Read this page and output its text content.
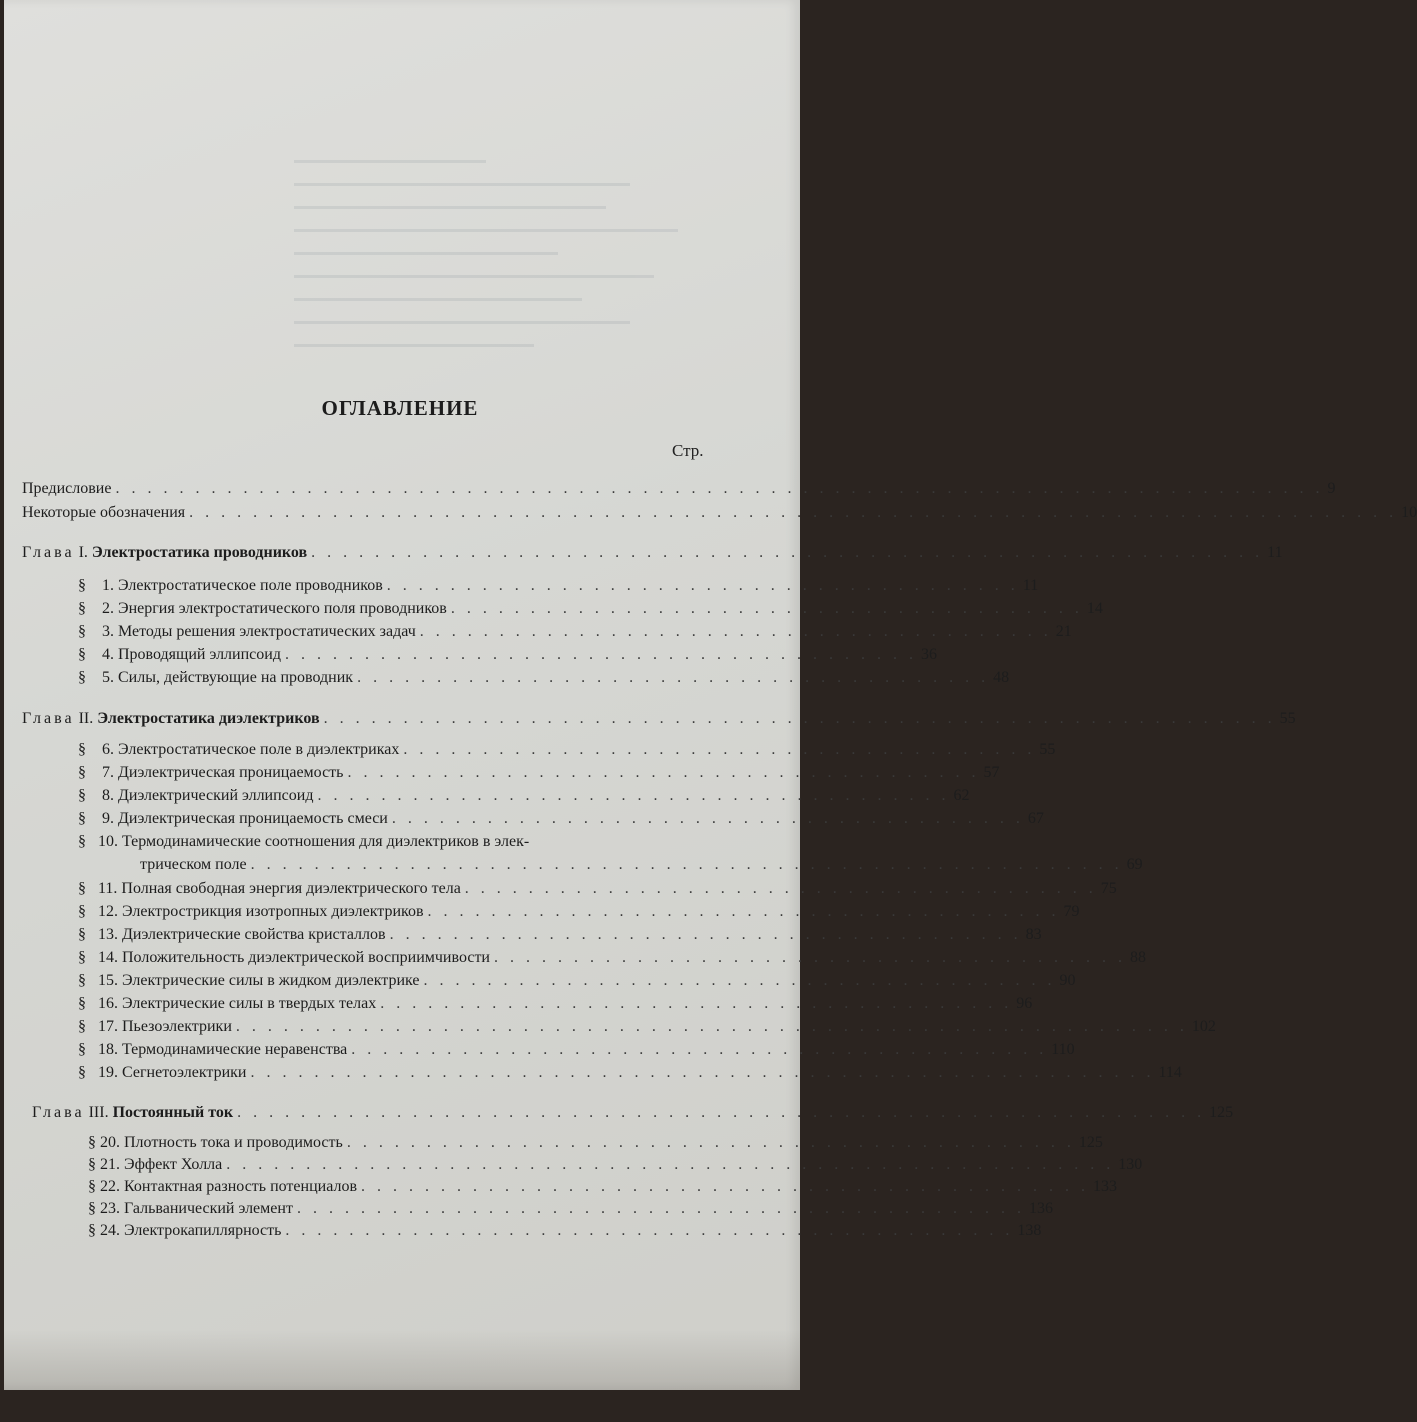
ОГЛАВЛЕНИЕ
Стр.
Предисловие . . . . . . . . . . . . . . . . . . . . . . . . . . . . . . . . . . . . . . . . . . . . . . . . . . . . . . . . . . . . . . . . . . . . . . . . . . . . 9
Некоторые обозначения . . . . . . . . . . . . . . . . . . . . . . . . . . . . . . . . . . . . . . . . . . . . . . . . . . . . . . . . . . . . . . . . . . . . . . . . . . . . 10
Глава I. Электростатика проводников . . . . . . . . . . . . . . . . . . . . . . . . . . . . . . . . . . . . . . . . . . . . . . . . . . . . . . . . . . . . 11
§ 1. Электростатическое поле проводников . . . . . . . . . . . . . . . . . . . . . . . . . . . . . . . . . . . . . . . . 11
§ 2. Энергия электростатического поля проводников . . . . . . . . . . . . . . . . . . . . . . . . . . . . . . . . . . . . . . . . 14
§ 3. Методы решения электростатических задач . . . . . . . . . . . . . . . . . . . . . . . . . . . . . . . . . . . . . . . . 21
§ 4. Проводящий эллипсоид . . . . . . . . . . . . . . . . . . . . . . . . . . . . . . . . . . . . . . . . 36
§ 5. Силы, действующие на проводник . . . . . . . . . . . . . . . . . . . . . . . . . . . . . . . . . . . . . . . . 48
Глава II. Электростатика диэлектриков . . . . . . . . . . . . . . . . . . . . . . . . . . . . . . . . . . . . . . . . . . . . . . . . . . . . . . . . . . . . 55
§ 6. Электростатическое поле в диэлектриках . . . . . . . . . . . . . . . . . . . . . . . . . . . . . . . . . . . . . . . . 55
§ 7. Диэлектрическая проницаемость . . . . . . . . . . . . . . . . . . . . . . . . . . . . . . . . . . . . . . . . 57
§ 8. Диэлектрический эллипсоид . . . . . . . . . . . . . . . . . . . . . . . . . . . . . . . . . . . . . . . . 62
§ 9. Диэлектрическая проницаемость смеси . . . . . . . . . . . . . . . . . . . . . . . . . . . . . . . . . . . . . . . . 67
§ 10. Термодинамические соотношения для диэлектриков в элек-
трическом поле . . . . . . . . . . . . . . . . . . . . . . . . . . . . . . . . . . . . . . . . . . . . . . . . . . . . . . . 69
§ 11. Полная свободная энергия диэлектрического тела . . . . . . . . . . . . . . . . . . . . . . . . . . . . . . . . . . . . . . . . 75
§ 12. Электрострикция изотропных диэлектриков . . . . . . . . . . . . . . . . . . . . . . . . . . . . . . . . . . . . . . . . 79
§ 13. Диэлектрические свойства кристаллов . . . . . . . . . . . . . . . . . . . . . . . . . . . . . . . . . . . . . . . . 83
§ 14. Положительность диэлектрической восприимчивости . . . . . . . . . . . . . . . . . . . . . . . . . . . . . . . . . . . . . . . . 88
§ 15. Электрические силы в жидком диэлектрике . . . . . . . . . . . . . . . . . . . . . . . . . . . . . . . . . . . . . . . . 90
§ 16. Электрические силы в твердых телах . . . . . . . . . . . . . . . . . . . . . . . . . . . . . . . . . . . . . . . . 96
§ 17. Пьезоэлектрики . . . . . . . . . . . . . . . . . . . . . . . . . . . . . . . . . . . . . . . . . . . . . . . . . . . . . . . . . . . . 102
§ 18. Термодинамические неравенства . . . . . . . . . . . . . . . . . . . . . . . . . . . . . . . . . . . . . . . . . . . . 110
§ 19. Сегнетоэлектрики . . . . . . . . . . . . . . . . . . . . . . . . . . . . . . . . . . . . . . . . . . . . . . . . . . . . . . . . . 114
Глава III. Постоянный ток . . . . . . . . . . . . . . . . . . . . . . . . . . . . . . . . . . . . . . . . . . . . . . . . . . . . . . . . . . . . . 125
§ 20. Плотность тока и проводимость . . . . . . . . . . . . . . . . . . . . . . . . . . . . . . . . . . . . . . . . . . . . . . 125
§ 21. Эффект Холла . . . . . . . . . . . . . . . . . . . . . . . . . . . . . . . . . . . . . . . . . . . . . . . . . . . . . . . . 130
§ 22. Контактная разность потенциалов . . . . . . . . . . . . . . . . . . . . . . . . . . . . . . . . . . . . . . . . . . . . . . 133
§ 23. Гальванический элемент . . . . . . . . . . . . . . . . . . . . . . . . . . . . . . . . . . . . . . . . . . . . . . 136
§ 24. Электрокапиллярность . . . . . . . . . . . . . . . . . . . . . . . . . . . . . . . . . . . . . . . . . . . . . . 138
